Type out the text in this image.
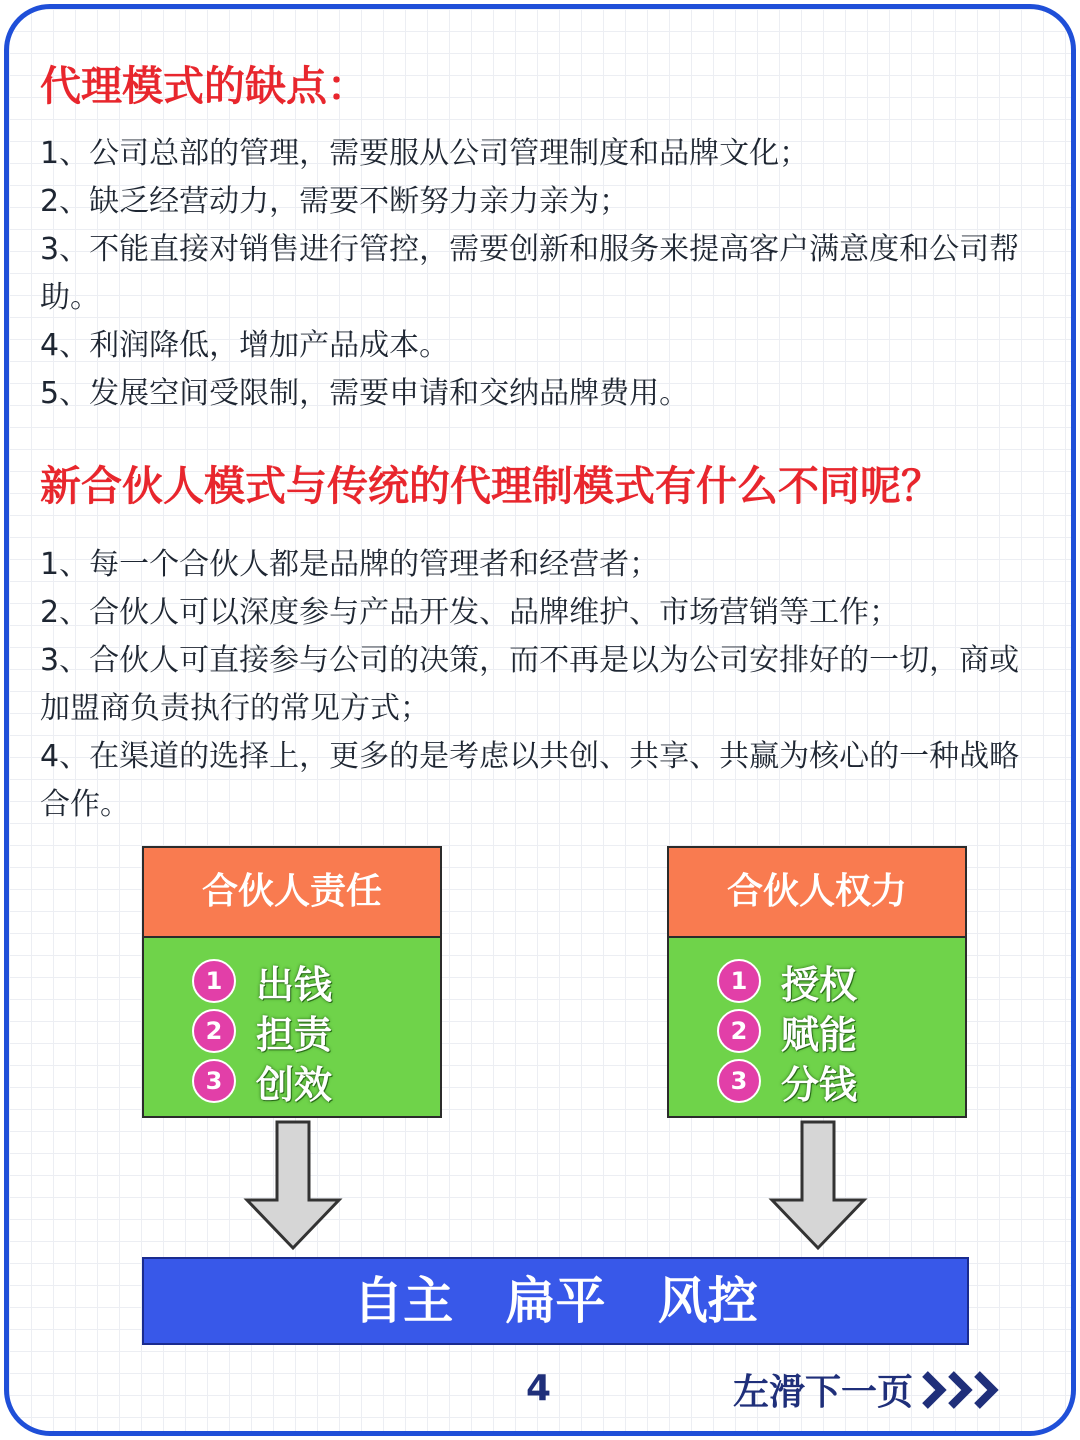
代理模式的缺点：
1、公司总部的管理，需要服从公司管理制度和品牌文化；
2、缺乏经营动力，需要不断努力亲力亲为；
3、不能直接对销售进行管控，需要创新和服务来提高客户满意度和公司帮助。
4、利润降低，增加产品成本。
5、发展空间受限制，需要申请和交纳品牌费用。
新合伙人模式与传统的代理制模式有什么不同呢？
1、每一个合伙人都是品牌的管理者和经营者；
2、合伙人可以深度参与产品开发、品牌维护、市场营销等工作；
3、合伙人可直接参与公司的决策，而不再是以为公司安排好的一切，商或加盟商负责执行的常见方式；
4、在渠道的选择上，更多的是考虑以共创、共享、共赢为核心的一种战略合作。
合伙人责任
1 出钱
2 担责
3 创效
合伙人权力
1 授权
2 赋能
3 分钱
自主   扁平   风控
4	左滑下一页
